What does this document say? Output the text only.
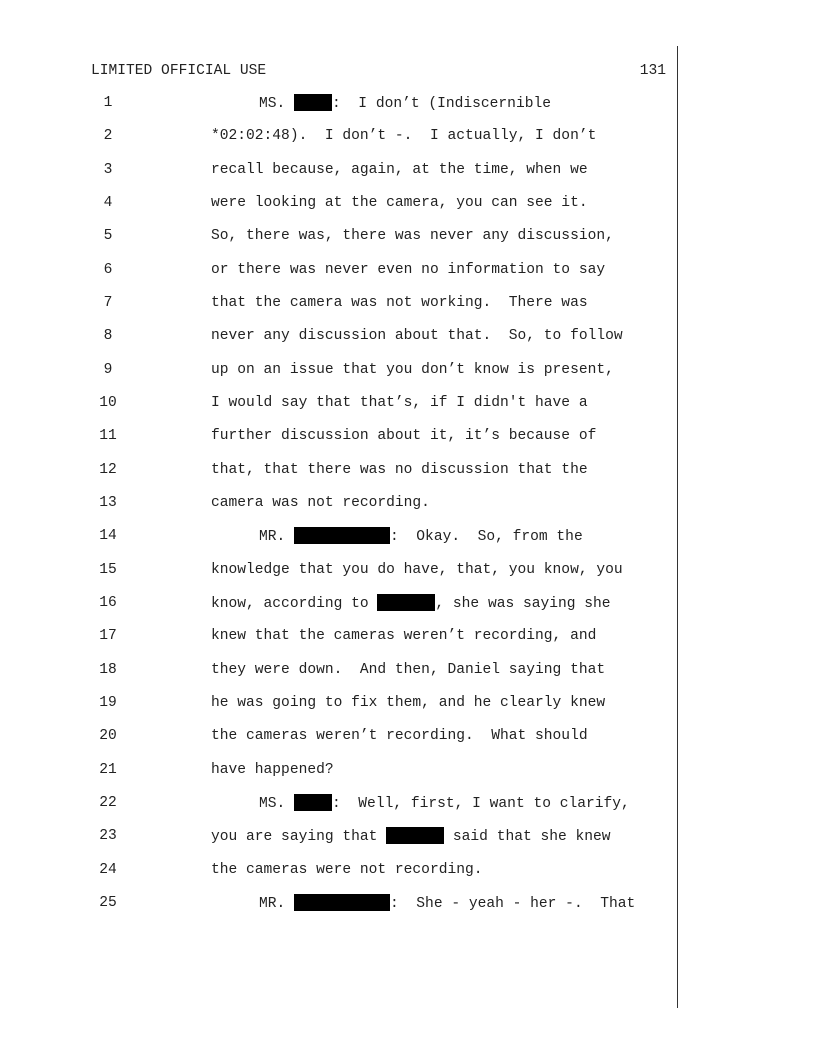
LIMITED OFFICIAL USE	131
1	MS.	:  I don’t (Indiscernible
2	*02:02:48).  I don’t -.  I actually, I don’t
3	recall because, again, at the time, when we
4	were looking at the camera, you can see it.
5	So, there was, there was never any discussion,
6	or there was never even no information to say
7	that the camera was not working.  There was
8	never any discussion about that.  So, to follow
9	up on an issue that you don’t know is present,
10	I would say that that’s, if I didn't have a
11	further discussion about it, it’s because of
12	that, that there was no discussion that the
13	camera was not recording.
14	MR.	:  Okay.  So, from the
15	knowledge that you do have, that, you know, you
16	know, according to	, she was saying she
17	knew that the cameras weren’t recording, and
18	they were down.  And then, Daniel saying that
19	he was going to fix them, and he clearly knew
20	the cameras weren’t recording.  What should
21	have happened?
22	MS.	:  Well, first, I want to clarify,
23	you are saying that	said that she knew
24	the cameras were not recording.
25	MR.	:  She - yeah - her -.  That
